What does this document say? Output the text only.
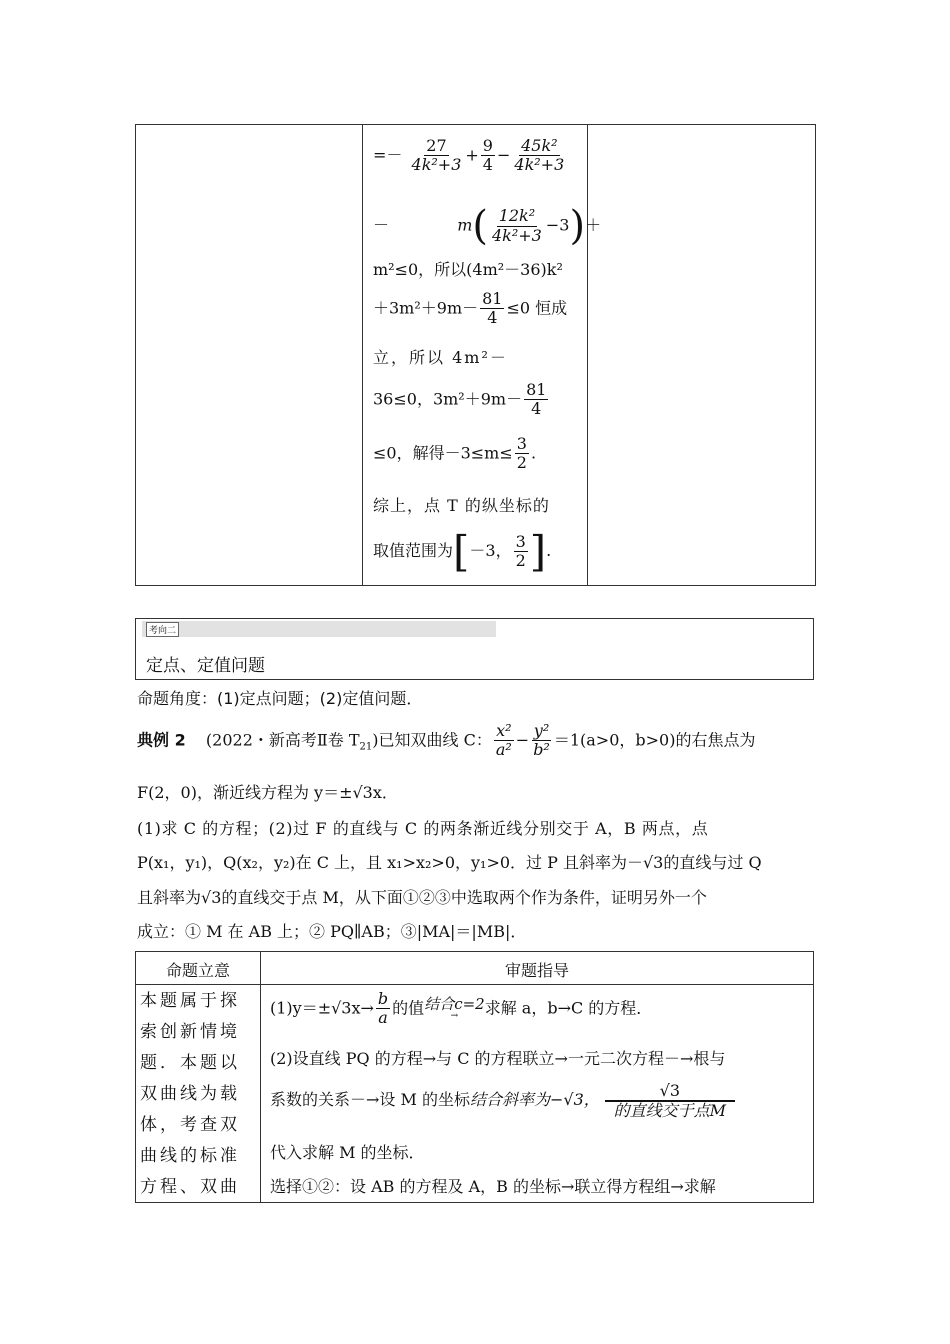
=－ $\frac{27}{\text{4k²+3}} + \frac{9}{4} - \frac{\text{45k²}}{\text{4k²+3}}$
－	$m( \frac{\text{12k²}}{\text{4k²+3}} -3)+$
m²≤0，所以(4m²－36)k²
$+3m^2+9m- \frac{81}{4} \le 0$ 恒成
立，所以 4m²－
36≤0，$3m^2+9m- \frac{81}{4}$
≤0，解得$-3\le m\le \frac{3}{2}$ .
综上，点 T 的纵坐标的
取值范围为[－3， $\frac{3}{2}$ ].
考向二
定点、定值问题
命题角度：(1)定点问题；(2)定值问题．
典例 2 (2022・新高考Ⅱ卷 $T_{21}$)已知双曲线 C： $\frac{\text{x²}}{\text{a²}} - \frac{\text{y²}}{\text{b²}} =1(a>0$，b>0)的右焦点为
F(2，0)，渐近线方程为 y＝±√3x．
(1)求 C 的方程；(2)过 F 的直线与 C 的两条渐近线分别交于 A，B 两点，点
P(x₁，y₁)，Q(x₂，y₂)在 C 上，且 x₁>x₂>0，y₁>0．过 P 且斜率为－√3的直线与过 Q
且斜率为√3的直线交于点 M，从下面①②③中选取两个作为条件，证明另外一个
成立：① M 在 AB 上；② PQ∥AB；③|MA|＝|MB|．
命题立意	审题指导
本题属于探
索创新情境
题．本题以
双曲线为载
体，考查双
曲线的标准
方程、双曲
$(1)y=\pm√3x\to \frac{b}{a}$ 的值 结合c=2
→ 求解 a，b→C 的方程．
(2)设直线 PQ 的方程→与 C 的方程联立→一元二次方程－→根与
系数的关系－→设 M 的坐标结合斜率为−√3，	√3
的直线交于点M
代入求解 M 的坐标．
选择①②：设 AB 的方程及 A，B 的坐标→联立得方程组→求解
